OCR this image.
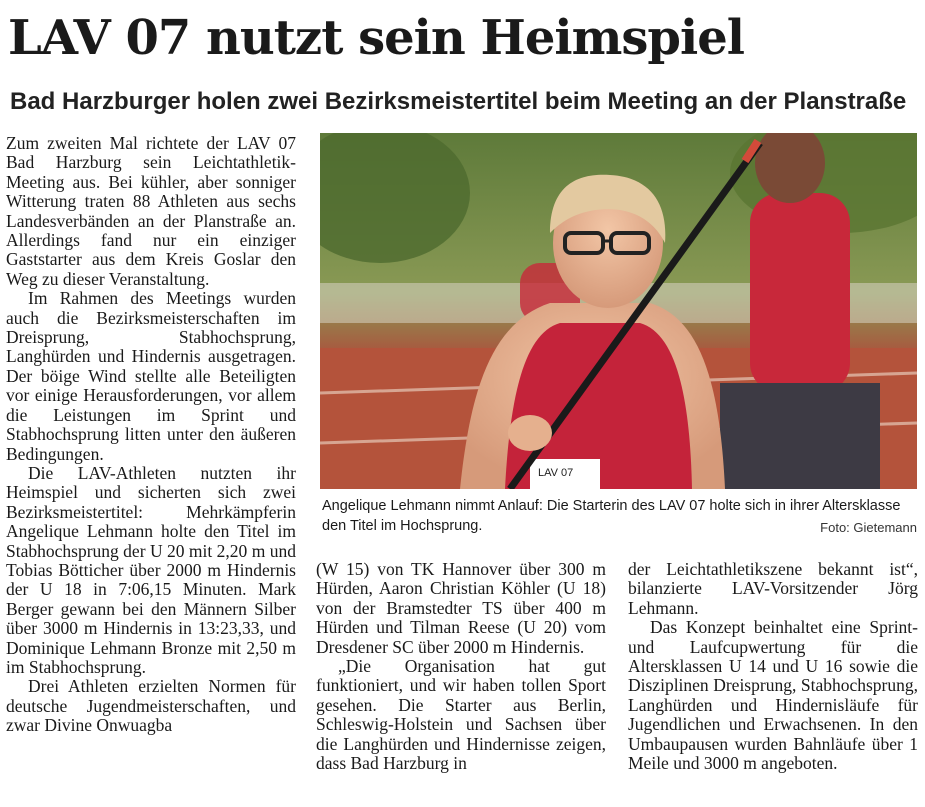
LAV 07 nutzt sein Heimspiel
Bad Harzburger holen zwei Bezirksmeistertitel beim Meeting an der Planstraße

Zum zweiten Mal richtete der LAV 07 Bad Harzburg sein Leichtathletik-Meeting aus. Bei kühler, aber sonniger Witterung traten 88 Athleten aus sechs Landesverbänden an der Planstraße an. Allerdings fand nur ein einziger Gaststarter aus dem Kreis Goslar den Weg zu dieser Veranstaltung.

Im Rahmen des Meetings wurden auch die Bezirksmeisterschaften im Dreisprung, Stabhochsprung, Langhürden und Hindernis ausgetragen. Der böige Wind stellte alle Beteiligten vor einige Herausforderungen, vor allem die Leistungen im Sprint und Stabhochsprung litten unter den äußeren Bedingungen.

Die LAV-Athleten nutzten ihr Heimspiel und sicherten sich zwei Bezirksmeistertitel: Mehrkämpferin Angelique Lehmann holte den Titel im Stabhochsprung der U 20 mit 2,20 m und Tobias Bötticher über 2000 m Hindernis der U 18 in 7:06,15 Minuten. Mark Berger gewann bei den Männern Silber über 3000 m Hindernis in 13:23,33, und Dominique Lehmann Bronze mit 2,50 m im Stabhochsprung.

Drei Athleten erzielten Normen für deutsche Jugendmeisterschaften, und zwar Divine Onwuagba

LAV 07
Angelique Lehmann nimmt Anlauf: Die Starterin des LAV 07 holte sich in ihrer Altersklasse den Titel im Hochsprung.	Foto: Gietemann

(W 15) von TK Hannover über 300 m Hürden, Aaron Christian Köhler (U 18) von der Bramstedter TS über 400 m Hürden und Tilman Reese (U 20) vom Dresdener SC über 2000 m Hindernis.

„Die Organisation hat gut funktioniert, und wir haben tollen Sport gesehen. Die Starter aus Berlin, Schleswig-Holstein und Sachsen über die Langhürden und Hindernisse zeigen, dass Bad Harzburg in

der Leichtathletikszene bekannt ist“, bilanzierte LAV-Vorsitzender Jörg Lehmann.

Das Konzept beinhaltet eine Sprint- und Laufcupwertung für die Altersklassen U 14 und U 16 sowie die Disziplinen Dreisprung, Stabhochsprung, Langhürden und Hindernisläufe für Jugendlichen und Erwachsenen. In den Umbaupausen wurden Bahnläufe über 1 Meile und 3000 m angeboten.
